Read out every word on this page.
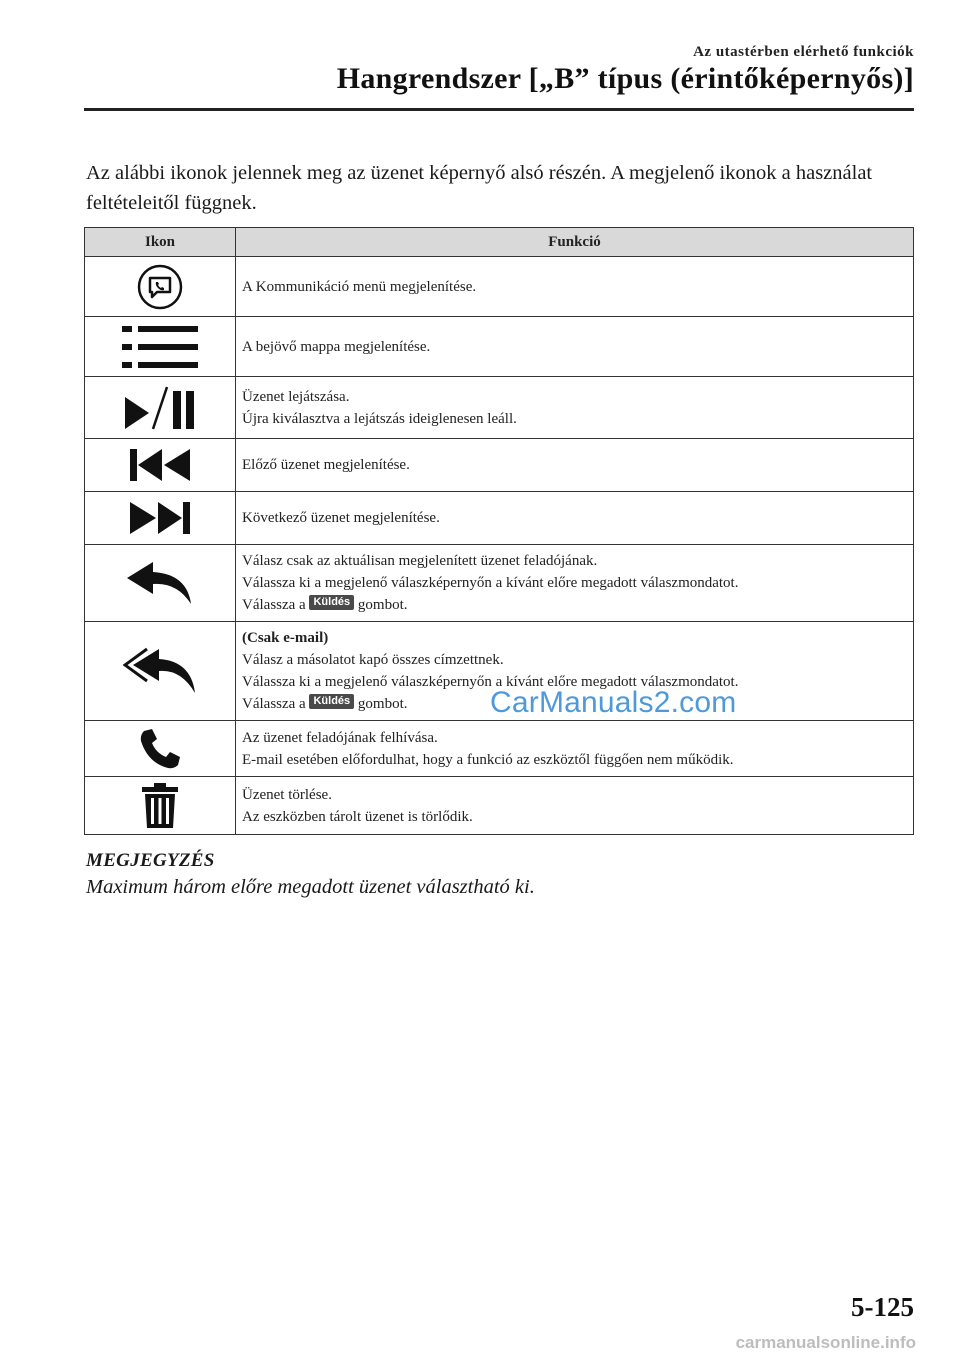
Az utastérben elérhető funkciók
Hangrendszer [„B” típus (érintőképernyős)]
Az alábbi ikonok jelennek meg az üzenet képernyő alsó részén. A megjelenő ikonok a használat feltételeitől függnek.
Ikon	Funkció

A Kommunikáció menü megjelenítése.

A bejövő mappa megjelenítése.

Üzenet lejátszása.
Újra kiválasztva a lejátszás ideiglenesen leáll.

Előző üzenet megjelenítése.

Következő üzenet megjelenítése.

Válasz csak az aktuálisan megjelenített üzenet feladójának.
Válassza ki a megjelenő válaszképernyőn a kívánt előre megadott válaszmondatot.
Válassza a Küldés gombot.

(Csak e-mail)
Válasz a másolatot kapó összes címzettnek.
Válassza ki a megjelenő válaszképernyőn a kívánt előre megadott válaszmondatot.
Válassza a Küldés gombot.

Az üzenet feladójának felhívása.
E-mail esetében előfordulhat, hogy a funkció az eszköztől függően nem működik.

Üzenet törlése.
Az eszközben tárolt üzenet is törlődik.
MEGJEGYZÉS
Maximum három előre megadott üzenet választható ki.
CarManuals2.com
5-125
carmanualsonline.info
